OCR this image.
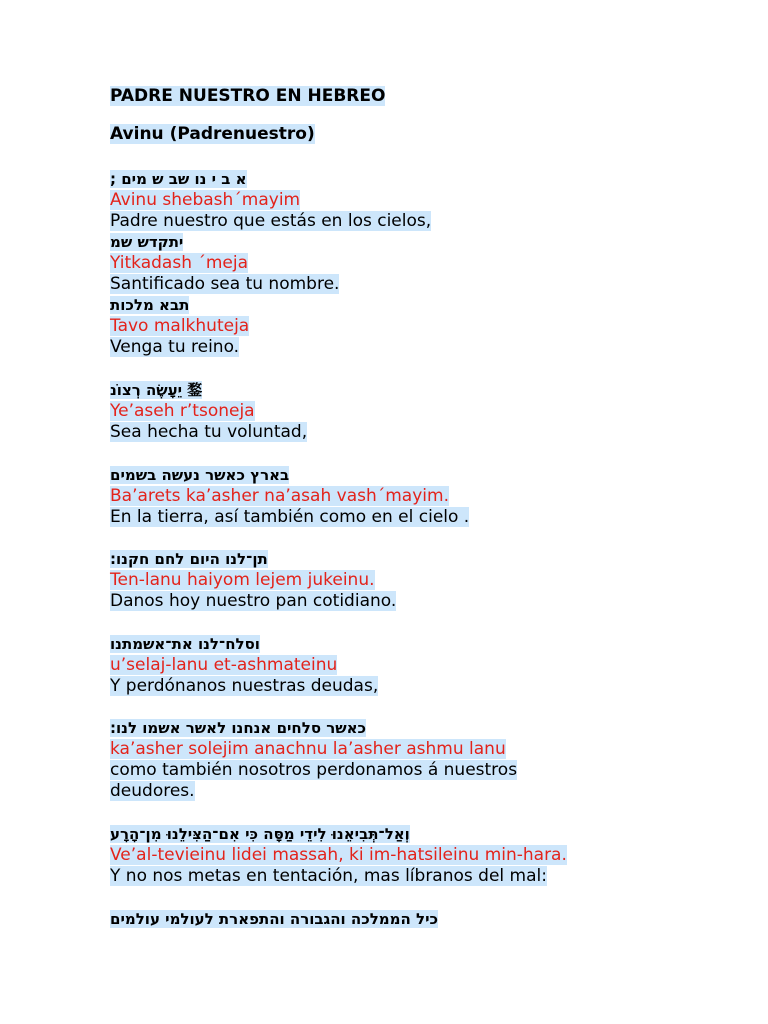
PADRE NUESTRO EN HEBREO
Avinu (Padrenuestro)
א ב י נו שב ש מים ;
Avinu shebash´mayim
Padre nuestro que estás en los cielos,
יתקדש שמ
Yitkadash ´meja
Santificado sea tu nombre.
תבא מלכות
Tavo malkhuteja
Venga tu reino.
יֵעָשֶׂה רְצוֹנ 鍪
Ye’aseh r’tsoneja
Sea hecha tu voluntad,
בארץ כאשר נעשה בשמים
Ba’arets ka’asher na’asah vash´mayim.
En la tierra, así también como en el cielo .
תן־לנו היום לחם חקנו:
Ten-lanu haiyom lejem jukeinu.
Danos hoy nuestro pan cotidiano.
וסלח־לנו את־אשמתנו
u’selaj-lanu et-ashmateinu
Y perdónanos nuestras deudas,
כאשר סלחים אנחנו לאשר אשמו לנו:
ka’asher solejim anachnu la’asher ashmu lanu
como también nosotros perdonamos á nuestros
deudores.
וְאַל־תְּבִיאֵנוּ לִידֵי מַסָּה כִּי אִם־הַצִּילֵנוּ מִן־הָרָע
Ve’al-tevieinu lidei massah, ki im-hatsileinu min-hara.
Y no nos metas en tentación, mas líbranos del mal:
כיל הממלכה והגבורה והתפארת לעולמי עולמים
